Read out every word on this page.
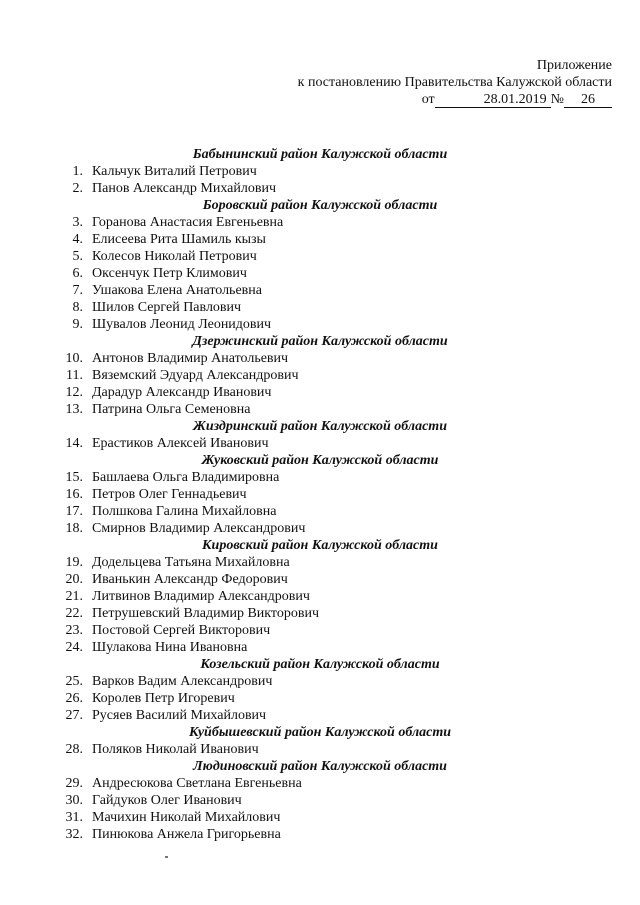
Приложение
к постановлению Правительства Калужской области
от	28.01.2019 № 26
Бабынинский район Калужской области
1. Кальчук Виталий Петрович
2. Панов Александр Михайлович
Боровский район Калужской области
3. Горанова Анастасия Евгеньевна
4. Елисеева Рита Шамиль кызы
5. Колесов Николай Петрович
6. Оксенчук Петр Климович
7. Ушакова Елена Анатольевна
8. Шилов Сергей Павлович
9. Шувалов Леонид Леонидович
Дзержинский район Калужской области
10. Антонов Владимир Анатольевич
11. Вяземский Эдуард Александрович
12. Дарадур Александр Иванович
13. Патрина Ольга Семеновна
Жиздринский район Калужской области
14. Ерастиков Алексей Иванович
Жуковский район Калужской области
15. Башлаева Ольга Владимировна
16. Петров Олег Геннадьевич
17. Полшкова Галина Михайловна
18. Смирнов Владимир Александрович
Кировский район Калужской области
19. Додельцева Татьяна Михайловна
20. Иванькин Александр Федорович
21. Литвинов Владимир Александрович
22. Петрушевский Владимир Викторович
23. Постовой Сергей Викторович
24. Шулакова Нина Ивановна
Козельский район Калужской области
25. Варков Вадим Александрович
26. Королев Петр Игоревич
27. Русяев Василий Михайлович
Куйбышевский район Калужской области
28. Поляков Николай Иванович
Людиновский район Калужской области
29. Андресюкова Светлана Евгеньевна
30. Гайдуков Олег Иванович
31. Мачихин Николай Михайлович
32. Пинюкова Анжела Григорьевна
